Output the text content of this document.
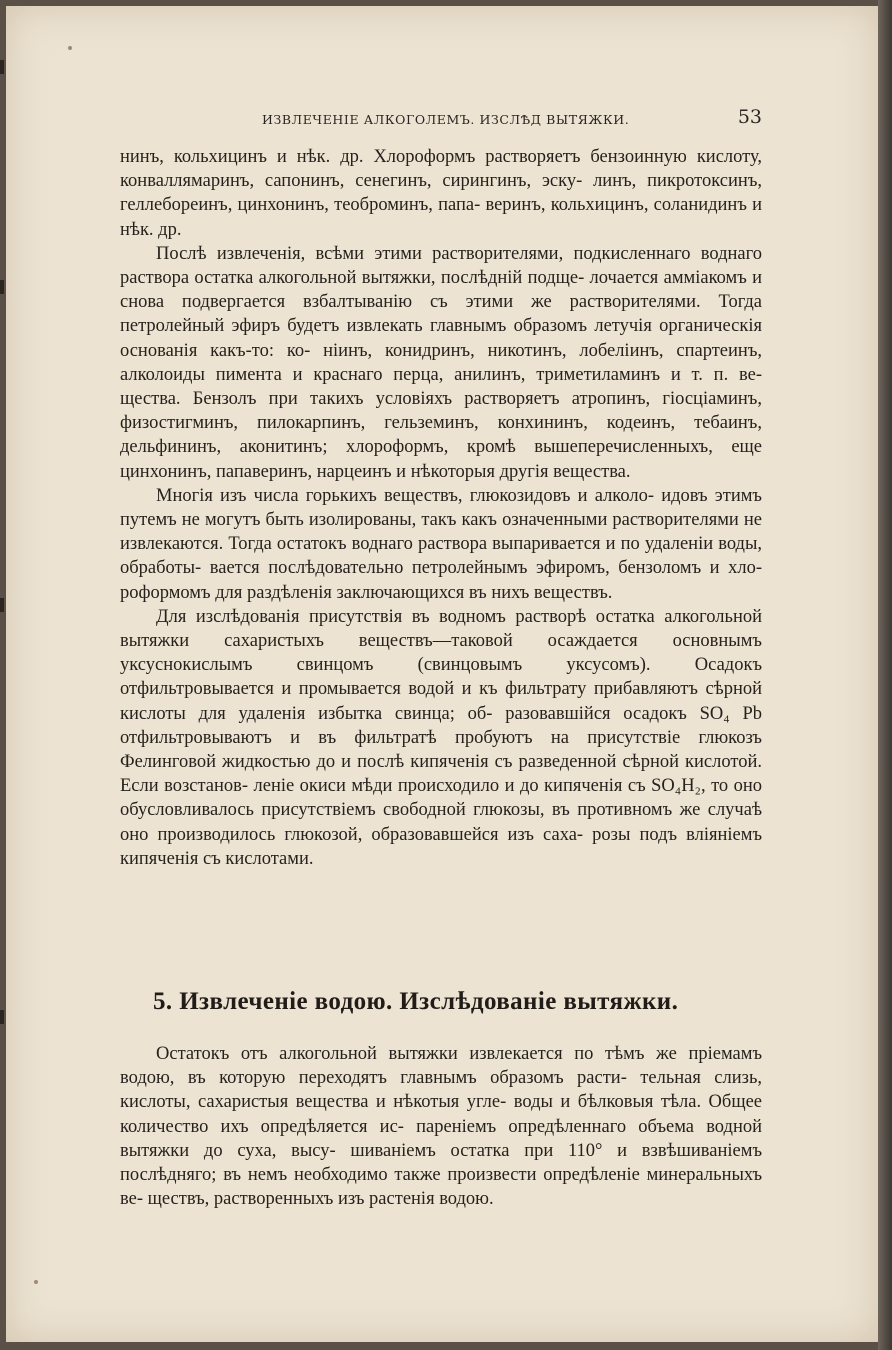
ИЗВЛЕЧЕНІЕ АЛКОГОЛЕМЪ. ИЗСЛѢД ВЫТЯЖКИ.	53

нинъ, кольхицинъ и нѣк. др. Хлороформъ растворяетъ бензоинную кислоту, конваллямаринъ, сапонинъ, сенегинъ, сирингинъ, эску- линъ, пикротоксинъ, геллебореинъ, цинхонинъ, теоброминъ, папа- веринъ, кольхицинъ, соланидинъ и нѣк. др.

Послѣ извлеченія, всѣми этими растворителями, подкисленнаго воднаго раствора остатка алкогольной вытяжки, послѣдній подще- лочается амміакомъ и снова подвергается взбалтыванію съ этими же растворителями. Тогда петролейный эфиръ будетъ извлекать главнымъ образомъ летучія органическія основанія какъ-то: ко- ніинъ, конидринъ, никотинъ, лобеліинъ, спартеинъ, алколоиды пимента и краснаго перца, анилинъ, триметиламинъ и т. п. ве- щества. Бензолъ при такихъ условіяхъ растворяетъ атропинъ, гіосціаминъ, физостигминъ, пилокарпинъ, гельземинъ, конхининъ, кодеинъ, тебаинъ, дельфининъ, аконитинъ; хлороформъ, кромѣ вышеперечисленныхъ, еще цинхонинъ, папаверинъ, нарцеинъ и нѣкоторыя другія вещества.

Многія изъ числа горькихъ веществъ, глюкозидовъ и алколо- идовъ этимъ путемъ не могутъ быть изолированы, такъ какъ означенными растворителями не извлекаются. Тогда остатокъ воднаго раствора выпаривается и по удаленіи воды, обработы- вается послѣдовательно петролейнымъ эфиромъ, бензоломъ и хло- роформомъ для раздѣленія заключающихся въ нихъ веществъ.

Для изслѣдованія присутствія въ водномъ растворѣ остатка алкогольной вытяжки сахаристыхъ веществъ—таковой осаждается основнымъ уксуснокислымъ свинцомъ (свинцовымъ уксусомъ). Осадокъ отфильтровывается и промывается водой и къ фильтрату прибавляютъ сѣрной кислоты для удаленія избытка свинца; об- разовавшійся осадокъ SO₄ Pb отфильтровываютъ и въ фильтратѣ пробуютъ на присутствіе глюкозъ Фелинговой жидкостью до и послѣ кипяченія съ разведенной сѣрной кислотой. Если возстанов- леніе окиси мѣди происходило и до кипяченія съ SO₄H₂, то оно обусловливалось присутствіемъ свободной глюкозы, въ противномъ же случаѣ оно производилось глюкозой, образовавшейся изъ саха- розы подъ вліяніемъ кипяченія съ кислотами.

5. Извлеченіе водою. Изслѣдованіе вытяжки.

Остатокъ отъ алкогольной вытяжки извлекается по тѣмъ же пріемамъ водою, въ которую переходятъ главнымъ образомъ расти- тельная слизь, кислоты, сахаристыя вещества и нѣкотыя угле- воды и бѣлковыя тѣла. Общее количество ихъ опредѣляется ис- пареніемъ опредѣленнаго объема водной вытяжки до суха, высу- шиваніемъ остатка при 110° и взвѣшиваніемъ послѣдняго; въ немъ необходимо также произвести опредѣленіе минеральныхъ ве- ществъ, растворенныхъ изъ растенія водою.
